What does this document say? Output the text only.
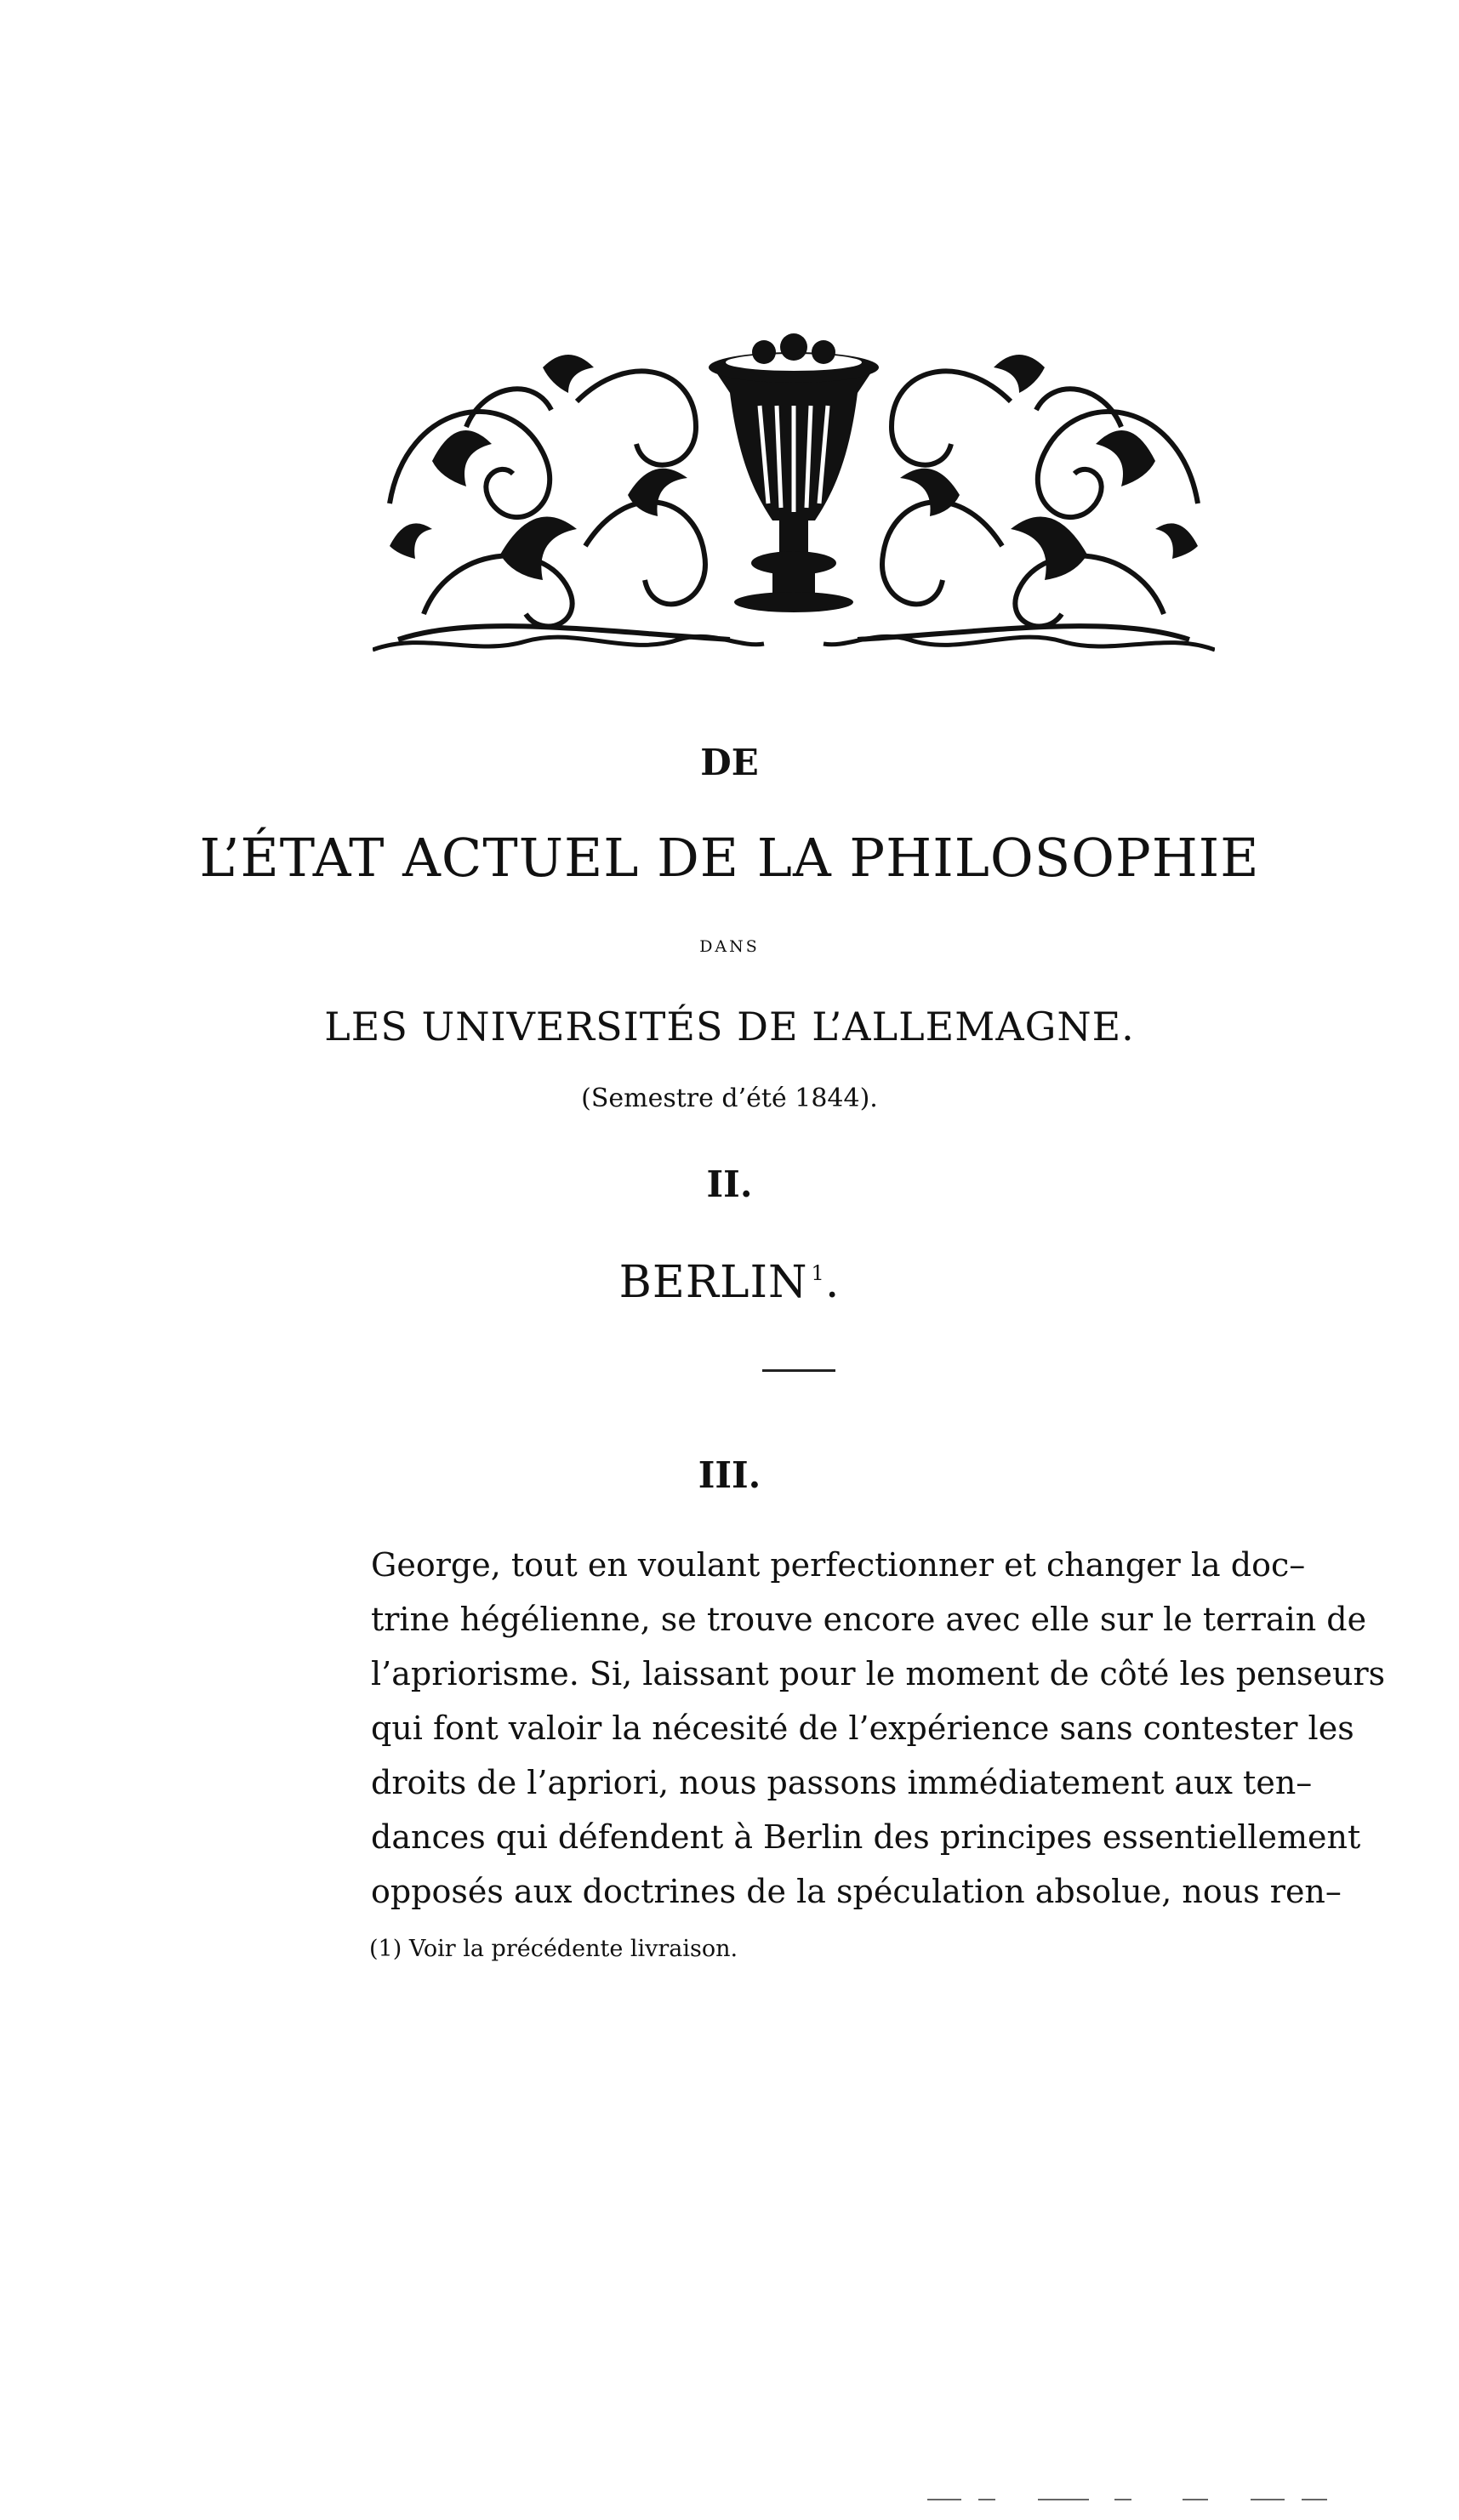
DE
L’ÉTAT ACTUEL DE LA PHILOSOPHIE
DANS
LES UNIVERSITÉS DE L’ALLEMAGNE.
(Semestre d’été 1844).
II.
BERLIN $^1$.
III.
George, tout en voulant perfectionner et changer la doc–
trine hégélienne, se trouve encore avec elle sur le terrain de
l’apriorisme. Si, laissant pour le moment de côté les penseurs
qui font valoir la nécesité de l’expérience sans contester les
droits de l’apriori, nous passons immédiatement aux ten–
dances qui défendent à Berlin des principes essentiellement
opposés aux doctrines de la spéculation absolue, nous ren–
(1) Voir la précédente livraison.
